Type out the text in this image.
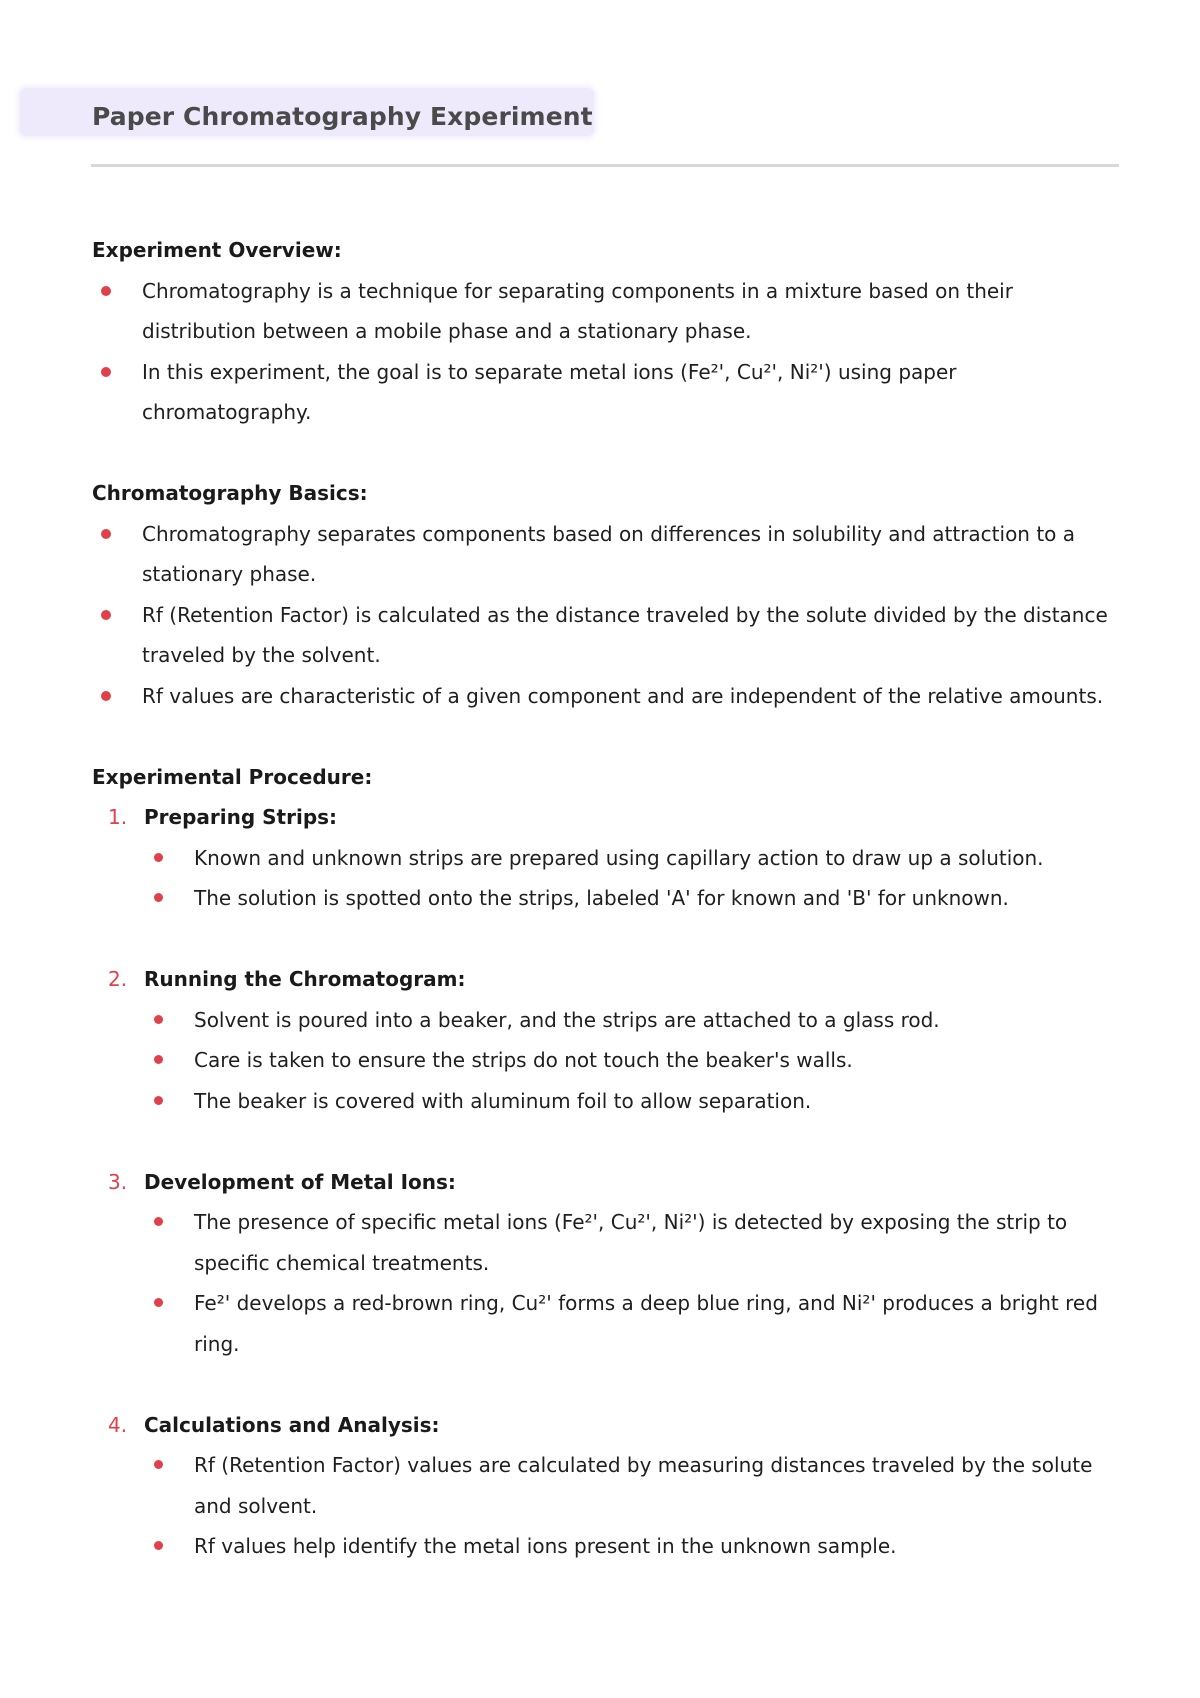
Paper Chromatography Experiment
Experiment Overview:
Chromatography is a technique for separating components in a mixture based on their distribution between a mobile phase and a stationary phase.
In this experiment, the goal is to separate metal ions (Fe²', Cu²', Ni²') using paper chromatography.
Chromatography Basics:
Chromatography separates components based on differences in solubility and attraction to a stationary phase.
Rf (Retention Factor) is calculated as the distance traveled by the solute divided by the distance traveled by the solvent.
Rf values are characteristic of a given component and are independent of the relative amounts.
Experimental Procedure:
1. Preparing Strips:
Known and unknown strips are prepared using capillary action to draw up a solution.
The solution is spotted onto the strips, labeled 'A' for known and 'B' for unknown.
2. Running the Chromatogram:
Solvent is poured into a beaker, and the strips are attached to a glass rod.
Care is taken to ensure the strips do not touch the beaker's walls.
The beaker is covered with aluminum foil to allow separation.
3. Development of Metal Ions:
The presence of specific metal ions (Fe²', Cu²', Ni²') is detected by exposing the strip to specific chemical treatments.
Fe²' develops a red-brown ring, Cu²' forms a deep blue ring, and Ni²' produces a bright red ring.
4. Calculations and Analysis:
Rf (Retention Factor) values are calculated by measuring distances traveled by the solute and solvent.
Rf values help identify the metal ions present in the unknown sample.
